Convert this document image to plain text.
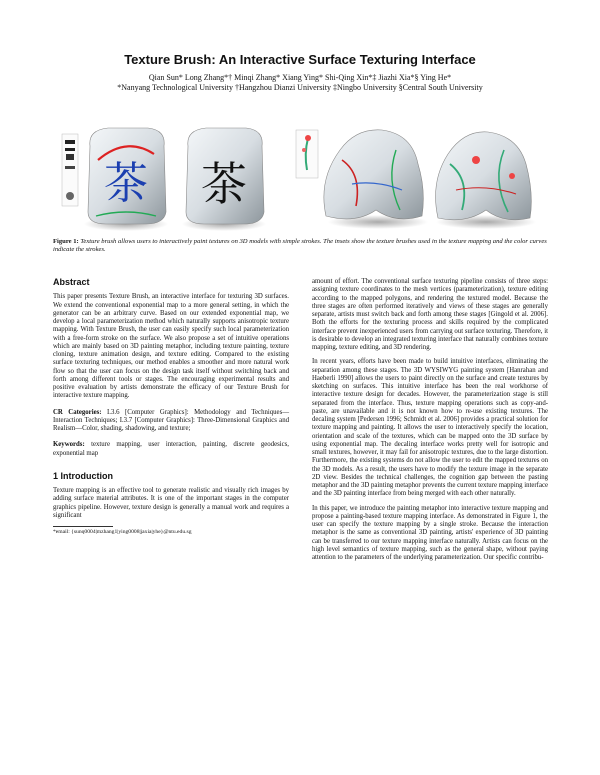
Texture Brush: An Interactive Surface Texturing Interface
Qian Sun* Long Zhang*† Minqi Zhang* Xiang Ying* Shi-Qing Xin*‡ Jiazhi Xia*§ Ying He*
*Nanyang Technological University †Hangzhou Dianzi University ‡Ningbo University §Central South University
茶 茶
Figure 1: Texture brush allows users to interactively paint textures on 3D models with simple strokes. The insets show the texture brushes used in the texture mapping and the color curves indicate the strokes.
Abstract

This paper presents Texture Brush, an interactive interface for texturing 3D surfaces. We extend the conventional exponential map to a more general setting, in which the generator can be an arbitrary curve. Based on our extended exponential map, we develop a local parameterization method which naturally supports anisotropic texture mapping. With Texture Brush, the user can easily specify such local parameterization with a free-form stroke on the surface. We also propose a set of intuitive operations which are mainly based on 3D painting metaphor, including texture painting, texture cloning, texture animation design, and texture editing. Compared to the existing surface texturing techniques, our method enables a smoother and more natural work flow so that the user can focus on the design task itself without switching back and forth among different tools or stages. The encouraging experimental results and positive evaluation by artists demonstrate the efficacy of our Texture Brush for interactive texture mapping.

CR Categories: I.3.6 [Computer Graphics]: Methodology and Techniques—Interaction Techniques; I.3.7 [Computer Graphics]: Three-Dimensional Graphics and Realism—Color, shading, shadowing, and texture;

Keywords: texture mapping, user interaction, painting, discrete geodesics, exponential map

1 Introduction

Texture mapping is an effective tool to generate realistic and visually rich images by adding surface material attributes. It is one of the important stages in the computer graphics pipeline. However, texture design is generally a manual work and requires a significant

*email: {sunq0004|mzhang1|ying0008|jaxia|yhe}@ntu.edu.sg

amount of effort. The conventional surface texturing pipeline consists of three steps: assigning texture coordinates to the mesh vertices (parameterization), texture editing according to the mapped polygons, and rendering the textured model. Because the three stages are often performed iteratively and views of these stages are generally separate, artists must switch back and forth among these stages [Gingold et al. 2006]. Both the efforts for the texturing process and skills required by the complicated interface prevent inexperienced users from carrying out surface texturing. Therefore, it is desirable to develop an integrated texturing interface that naturally combines texture mapping, texture editing, and 3D rendering.

In recent years, efforts have been made to build intuitive interfaces, eliminating the separation among these stages. The 3D WYSIWYG painting system [Hanrahan and Haeberli 1990] allows the users to paint directly on the surface and create textures by sketching on surfaces. This intuitive interface has been the real workhorse of interactive texture design for decades. However, the parameterization stage is still separated from the interface. Thus, texture mapping operations such as copy-and-paste, are unavailable and it is not known how to re-use existing textures. The decaling system [Pedersen 1996; Schmidt et al. 2006] provides a practical solution for texture mapping and painting. It allows the user to interactively specify the location, orientation and scale of the textures, which can be mapped onto the 3D surface by using exponential map. The decaling interface works pretty well for isotropic and small textures, however, it may fail for anisotropic textures, due to the large distortion. Furthermore, the existing systems do not allow the user to edit the mapped textures on the 3D models. As a result, the users have to modify the texture image in the separate 2D view. Besides the technical challenges, the cognition gap between the pasting metaphor and the 3D painting metaphor prevents the current texture mapping interface and the 3D painting interface from being merged with each other naturally.

In this paper, we introduce the painting metaphor into interactive texture mapping and propose a painting-based texture mapping interface. As demonstrated in Figure 1, the user can specify the texture mapping by a single stroke. Because the interaction metaphor is the same as conventional 3D painting, artists' experience of 3D painting can be transferred to our texture mapping interface naturally. Artists can focus on the high level semantics of texture mapping, such as the general shape, without paying attention to the parameters of the underlying parameterization. Our specific contribu-
